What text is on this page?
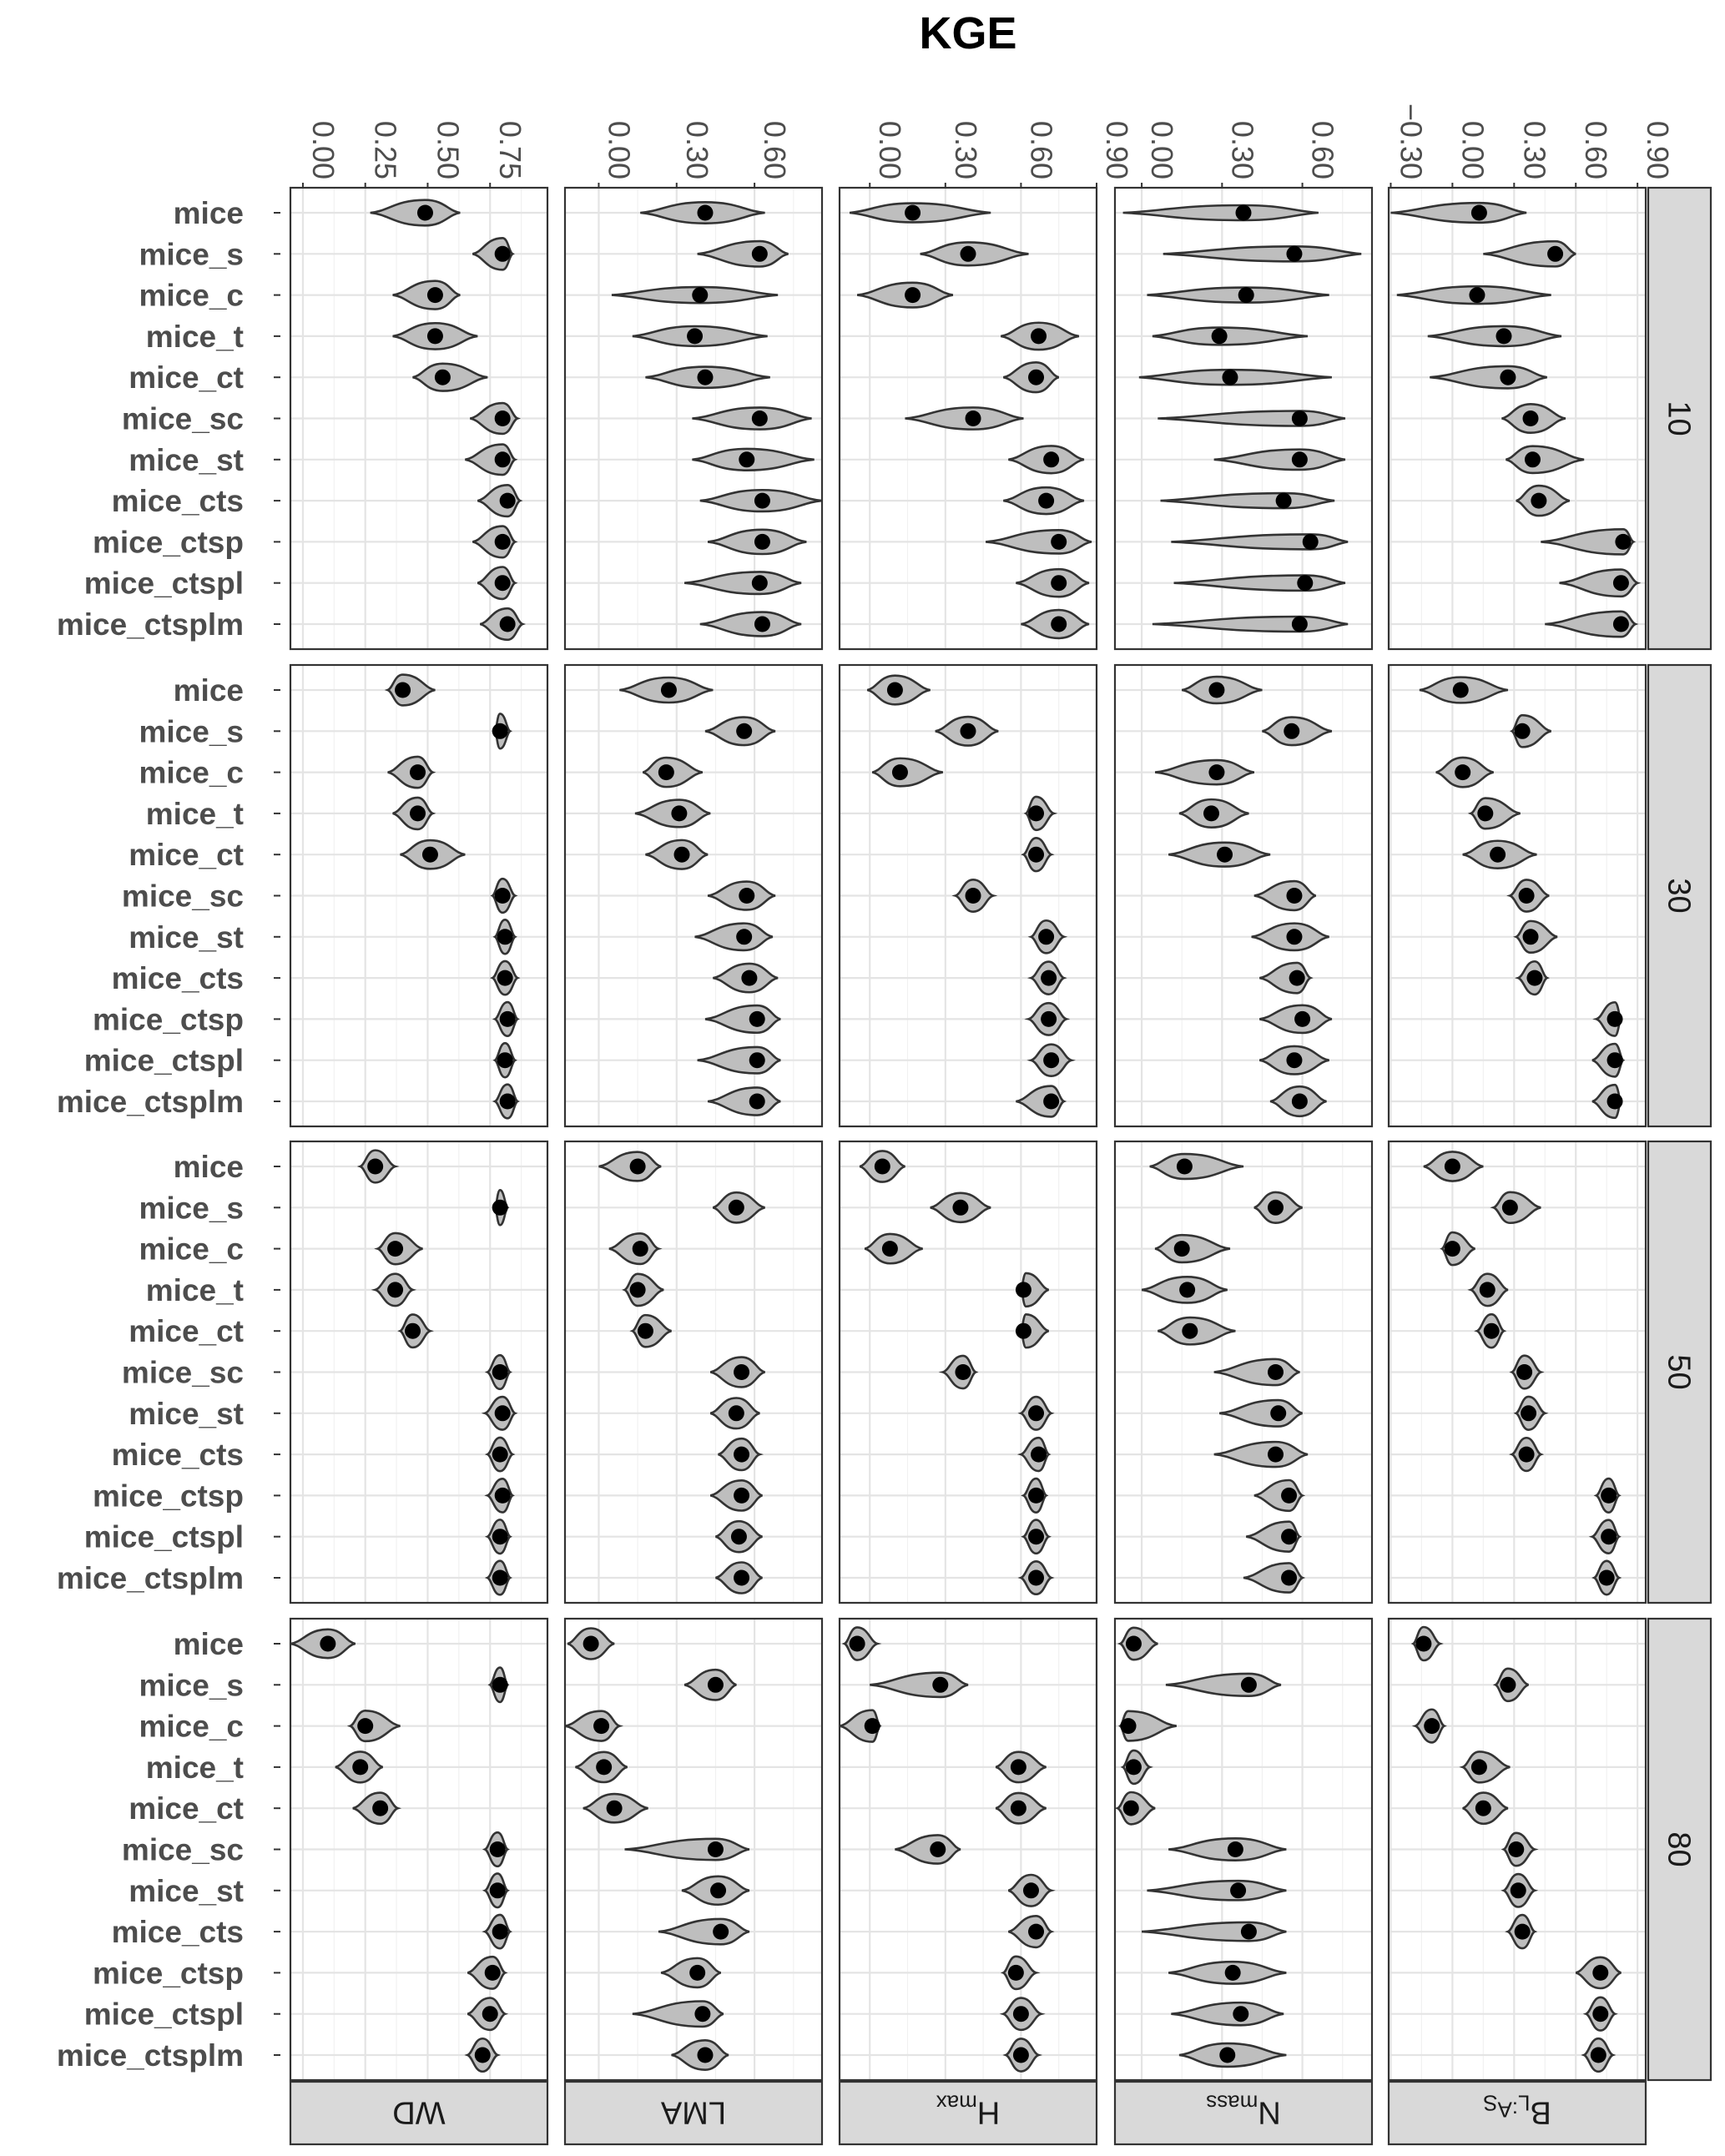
KGE
0.00 0.25 0.50 0.75 0.00 0.30 0.60	0.00 0.30 0.60 0.90 0.00 0.30 0.60 −0.30 0.00 0.30 0.60 0.90
mice
mice_s
mice_c
mice_t
mice_ct
mice_sc
mice_st
mice_cts
mice_ctsp
mice_ctspl
mice_ctsplm
10
mice
mice_s
mice_c
mice_t
mice_ct
mice_sc
mice_st
mice_cts
mice_ctsp
mice_ctspl
mice_ctsplm
30
mice
mice_s
mice_c
mice_t
mice_ct
mice_sc
mice_st
mice_cts
mice_ctsp
mice_ctspl
mice_ctsplm
50
mice
mice_s
mice_c
mice_t
mice_ct
mice_sc
mice_st
mice_cts
mice_ctsp
mice_ctspl
mice_ctsplm
80
WD	LMA	$H_{max}$	$N_{mass}$	$B_L^{:A}_S$
